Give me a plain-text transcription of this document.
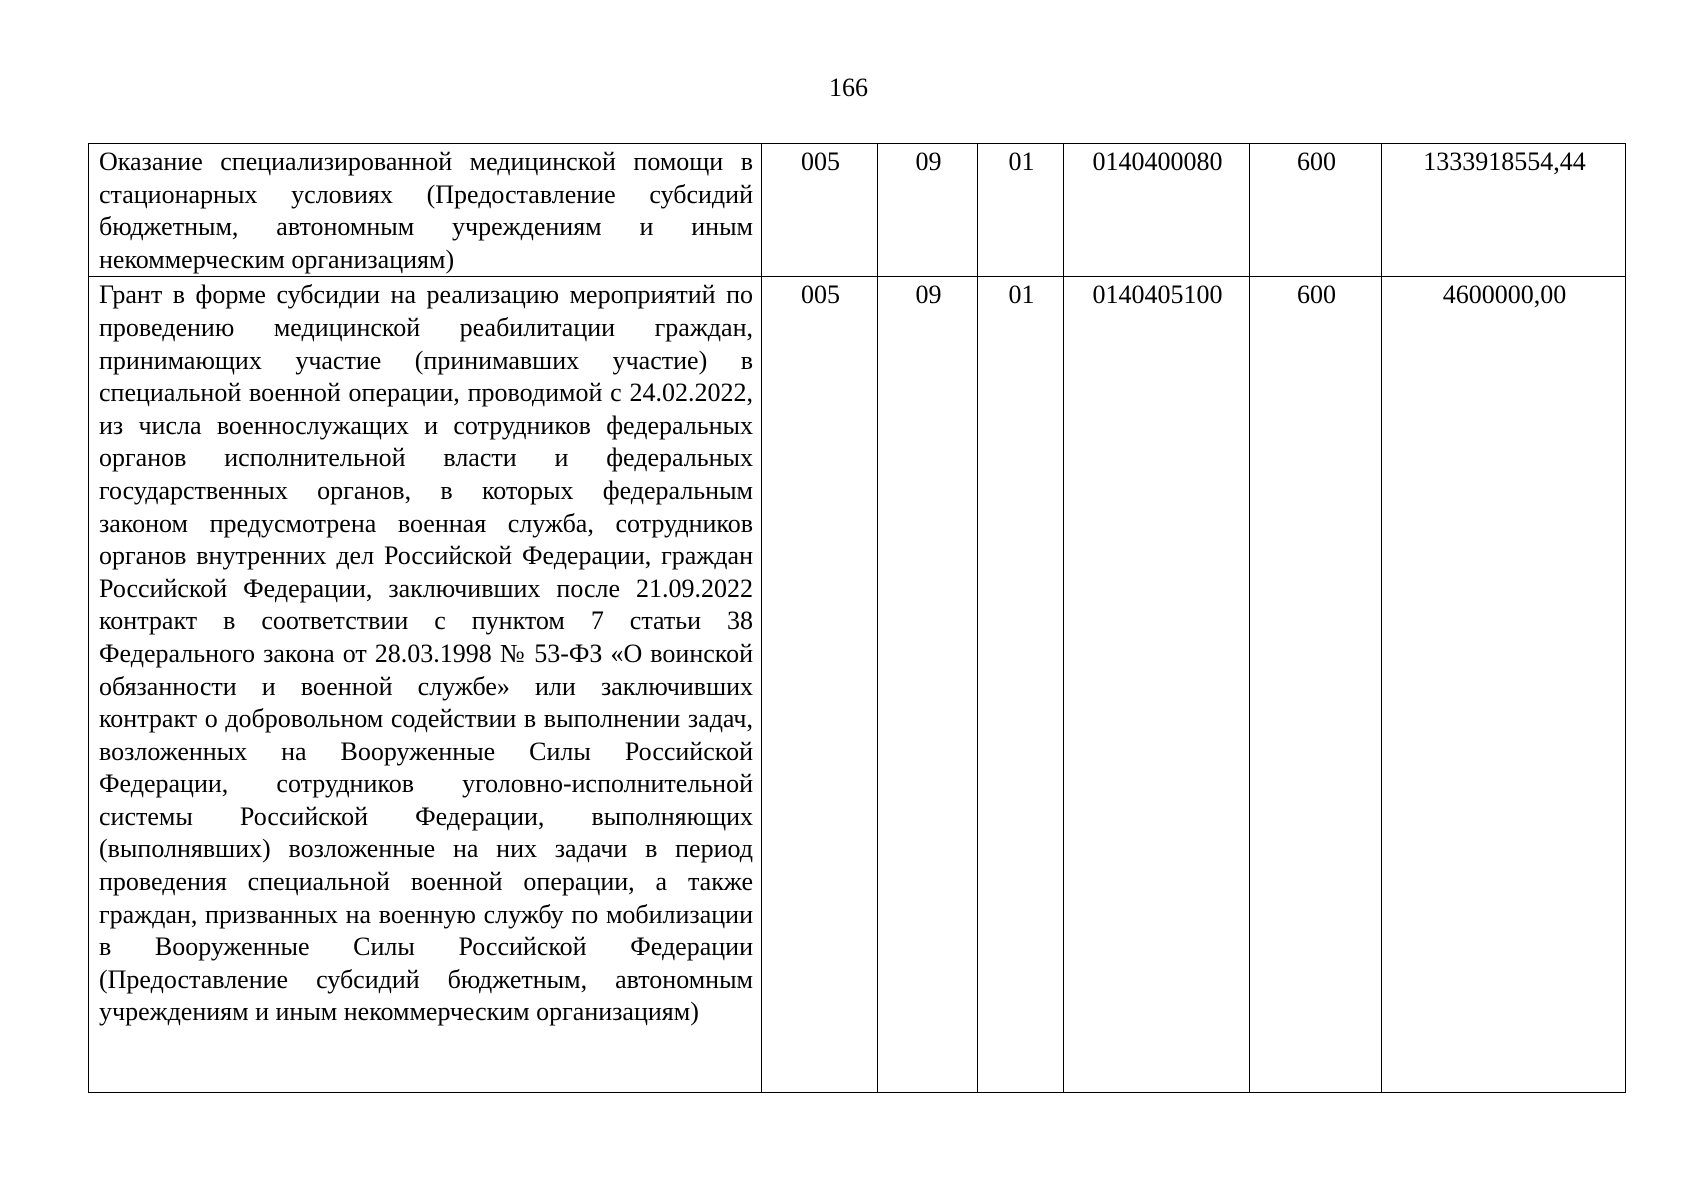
166
Оказание специализированной медицинской помощи в стационарных условиях (Предоставление субсидий бюджетным, автономным учреждениям и иным некоммерческим организациям)	005	09	01	0140400080	600	1333918554,44
Грант в форме субсидии на реализацию мероприятий по проведению медицинской реабилитации граждан, принимающих участие (принимавших участие) в специальной военной операции, проводимой с 24.02.2022, из числа военнослужащих и сотрудников федеральных органов исполнительной власти и федеральных государственных органов, в которых федеральным законом предусмотрена военная служба, сотрудников органов внутренних дел Российской Федерации, граждан Российской Федерации, заключивших после 21.09.2022 контракт в соответствии с пунктом 7 статьи 38 Федерального закона от 28.03.1998 № 53-ФЗ «О воинской обязанности и военной службе» или заключивших контракт о добровольном содействии в выполнении задач, возложенных на Вооруженные Силы Российской Федерации, сотрудников уголовно-исполнительной системы Российской Федерации, выполняющих (выполнявших) возложенные на них задачи в период проведения специальной военной операции, а также граждан, призванных на военную службу по мобилизации в Вооруженные Силы Российской Федерации (Предоставление субсидий бюджетным, автономным учреждениям и иным некоммерческим организациям)	005	09	01	0140405100	600	4600000,00
